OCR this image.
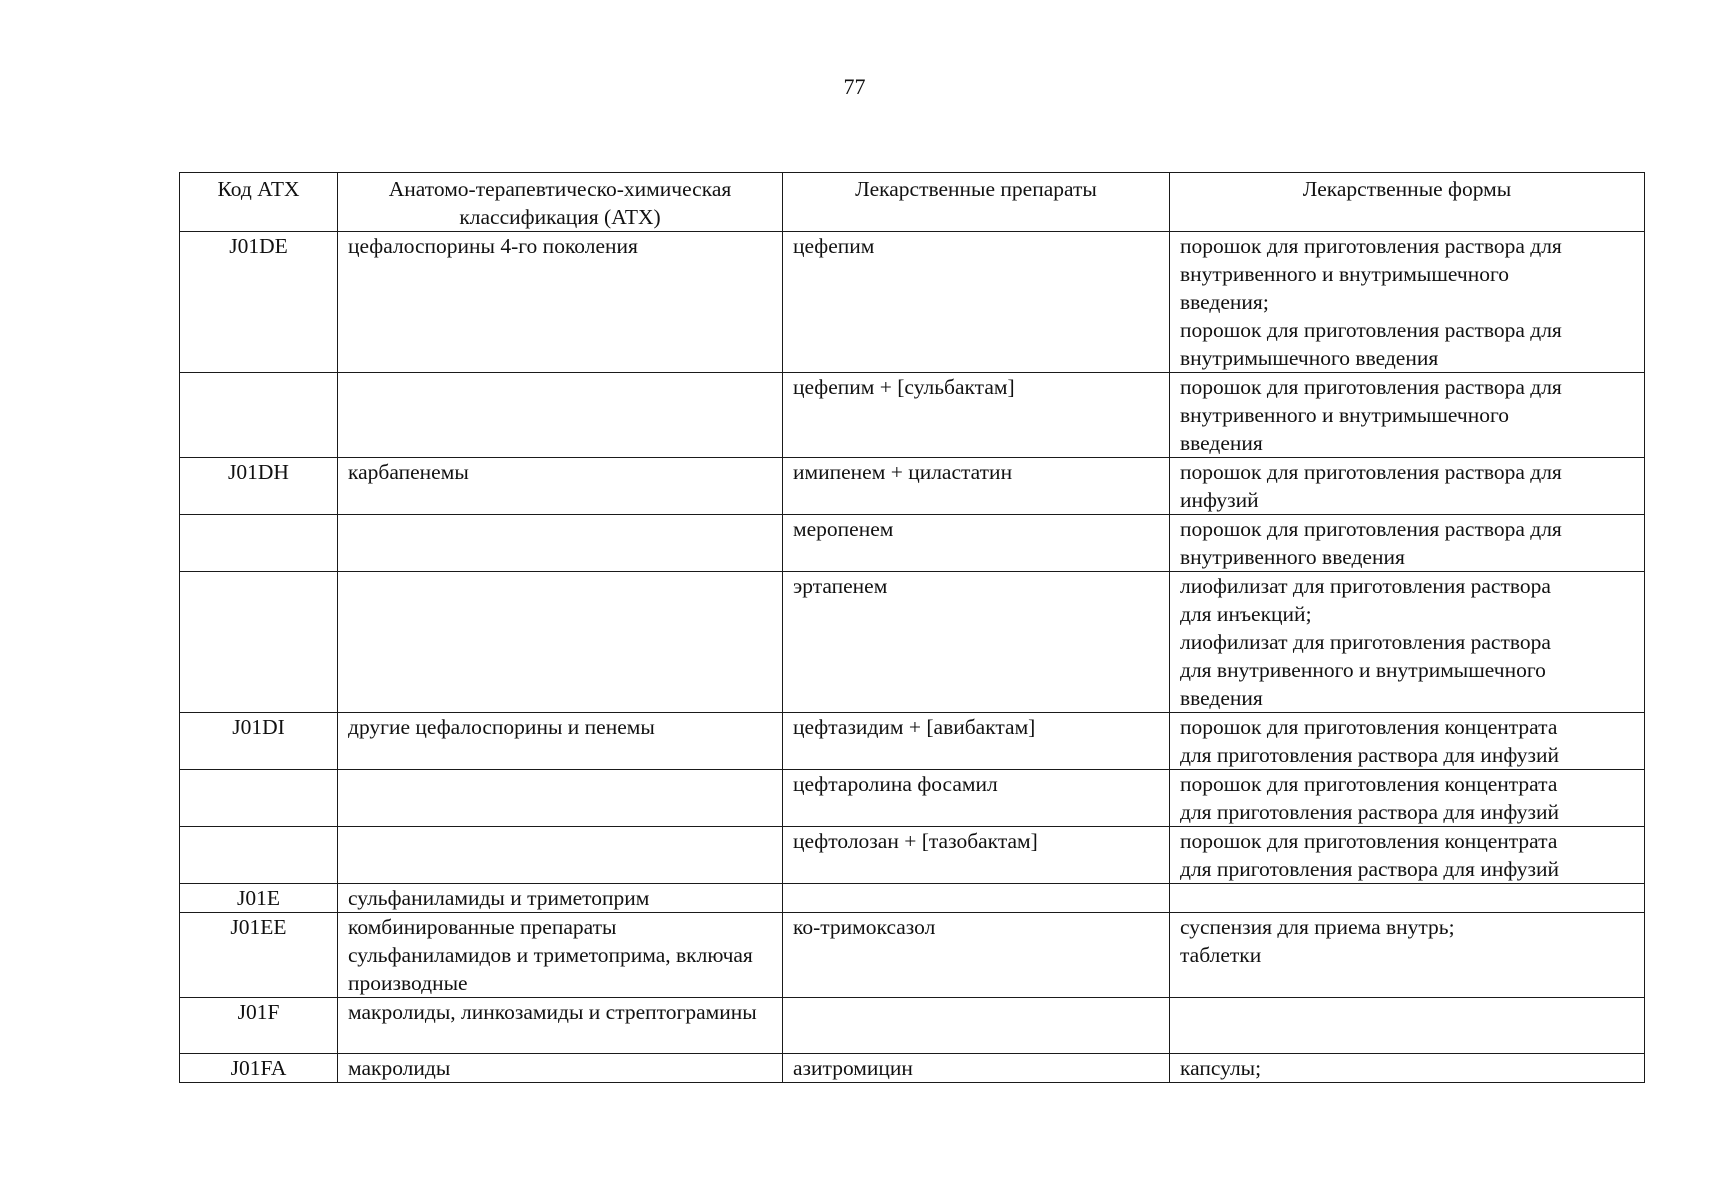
77
Код АТХ	Анатомо-терапевтическо-химическая классификация (АТХ)	Лекарственные препараты	Лекарственные формы
J01DE	цефалоспорины 4-го поколения	цефепим	порошок для приготовления раствора для
внутривенного и внутримышечного
введения;
порошок для приготовления раствора для
внутримышечного введения

		цефепим + [сульбактам]	порошок для приготовления раствора для
внутривенного и внутримышечного
введения

J01DH	карбапенемы	имипенем + циластатин	порошок для приготовления раствора для
инфузий

		меропенем	порошок для приготовления раствора для
внутривенного введения

		эртапенем	лиофилизат для приготовления раствора
для инъекций;
лиофилизат для приготовления раствора
для внутривенного и внутримышечного
введения

J01DI	другие цефалоспорины и пенемы	цефтазидим + [авибактам]	порошок для приготовления концентрата
для приготовления раствора для инфузий

		цефтаролина фосамил	порошок для приготовления концентрата
для приготовления раствора для инфузий

		цефтолозан + [тазобактам]	порошок для приготовления концентрата
для приготовления раствора для инфузий

J01E	сульфаниламиды и триметоприм		
J01EE	комбинированные препараты сульфаниламидов и триметоприма, включая производные	ко-тримоксазол	суспензия для приема внутрь;
таблетки

J01F	макролиды, линкозамиды и стрептограмины		
J01FA	макролиды	азитромицин	капсулы;
